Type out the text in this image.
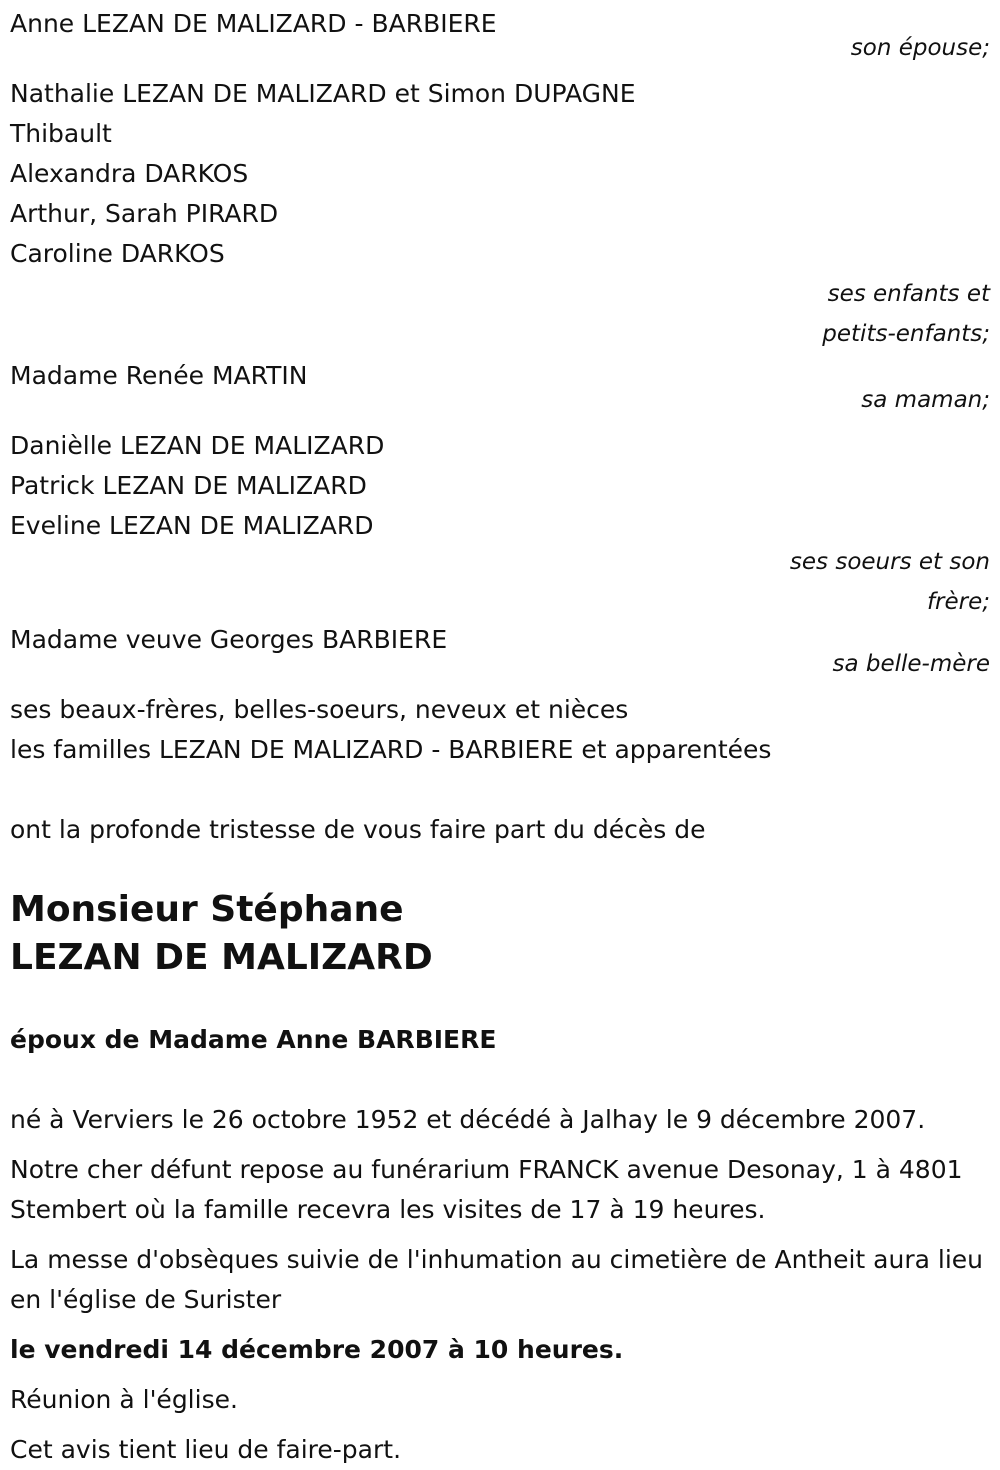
Anne LEZAN DE MALIZARD - BARBIERE
son épouse;
Nathalie LEZAN DE MALIZARD et Simon DUPAGNE
Thibault
Alexandra DARKOS
Arthur, Sarah PIRARD
Caroline DARKOS
ses enfants et
petits-enfants;
Madame Renée MARTIN
sa maman;
Danièlle LEZAN DE MALIZARD
Patrick LEZAN DE MALIZARD
Eveline LEZAN DE MALIZARD
ses soeurs et son
frère;
Madame veuve Georges BARBIERE
sa belle-mère
ses beaux-frères, belles-soeurs, neveux et nièces
les familles LEZAN DE MALIZARD - BARBIERE et apparentées
ont la profonde tristesse de vous faire part du décès de
Monsieur Stéphane
LEZAN DE MALIZARD
époux de Madame Anne BARBIERE
né à Verviers le 26 octobre 1952 et décédé à Jalhay le 9 décembre 2007.
Notre cher défunt repose au funérarium FRANCK avenue Desonay, 1 à 4801 Stembert où la famille recevra les visites de 17 à 19 heures.
La messe d'obsèques suivie de l'inhumation au cimetière de Antheit aura lieu en l'église de Surister
le vendredi 14 décembre 2007 à 10 heures.
Réunion à l'église.
Cet avis tient lieu de faire-part.
